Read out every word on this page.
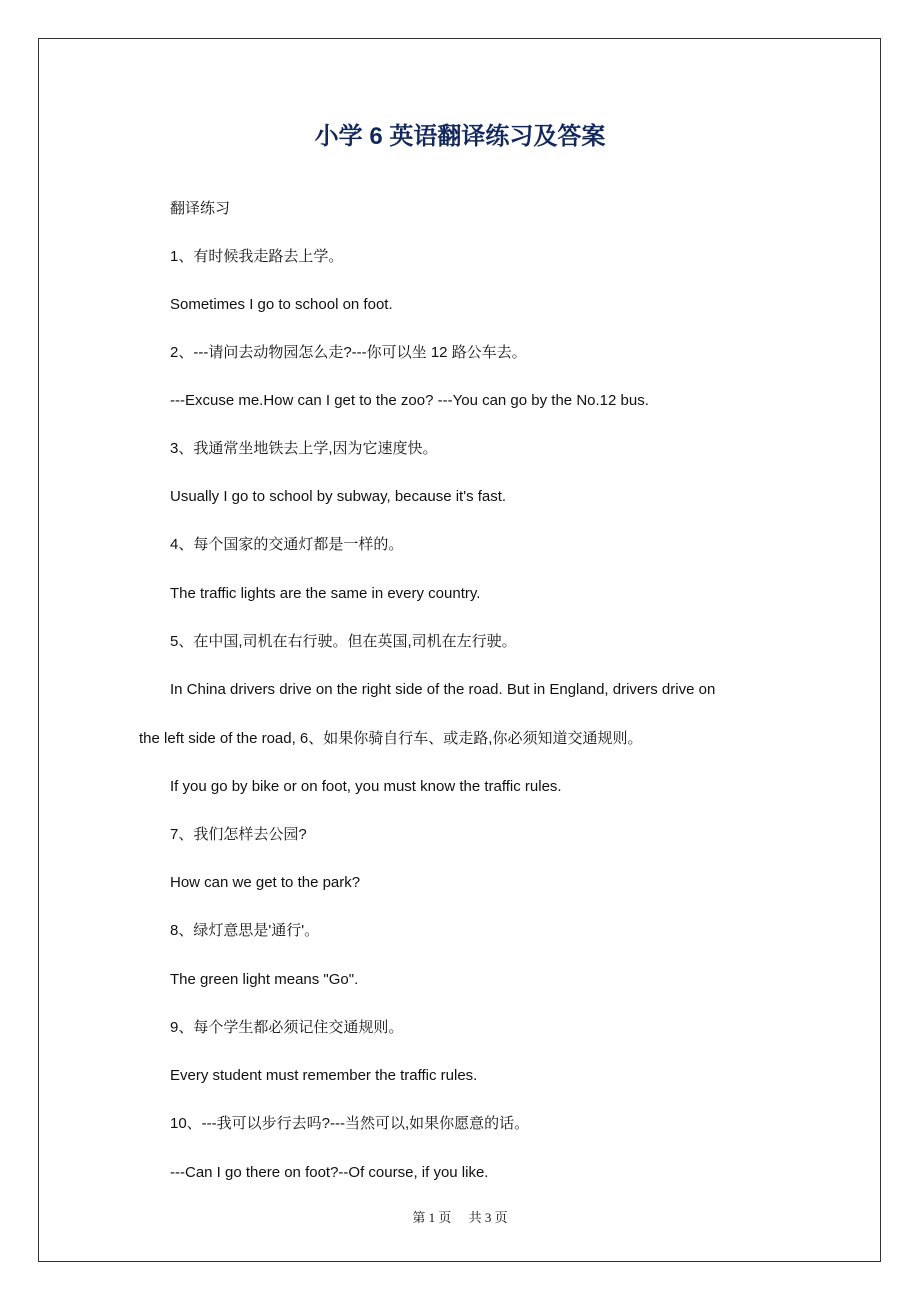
小学 6 英语翻译练习及答案
翻译练习
1、有时候我走路去上学。
Sometimes I go to school on foot.
2、---请问去动物园怎么走?---你可以坐 12 路公车去。
---Excuse me.How can I get to the zoo? ---You can go by the No.12 bus.
3、我通常坐地铁去上学,因为它速度快。
Usually I go to school by subway, because it's fast.
4、每个国家的交通灯都是一样的。
The traffic lights are the same in every country.
5、在中国,司机在右行驶。但在英国,司机在左行驶。
In China drivers drive on the right side of the road. But in England, drivers drive on
the left side of the road, 6、如果你骑自行车、或走路,你必须知道交通规则。
If you go by bike or on foot, you must know the traffic rules.
7、我们怎样去公园?
How can we get to the park?
8、绿灯意思是'通行'。
The green light means "Go".
9、每个学生都必须记住交通规则。
Every student must remember the traffic rules.
10、---我可以步行去吗?---当然可以,如果你愿意的话。
---Can I go there on foot?--Of course, if you like.
第 1 页 共 3 页
